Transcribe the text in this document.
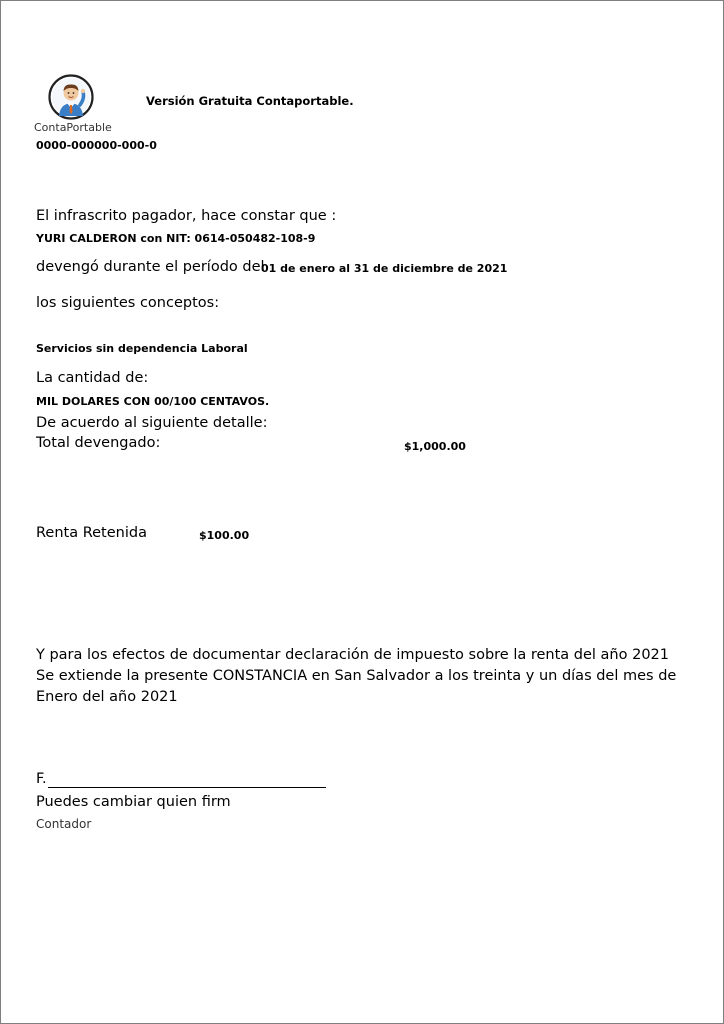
ContaPortable
Versión Gratuita Contaportable.
0000-000000-000-0
El infrascrito pagador, hace constar que :
YURI CALDERON con NIT: 0614-050482-108-9
devengó durante el período del
01 de enero al 31 de diciembre de 2021
los siguientes conceptos:
Servicios sin dependencia Laboral
La cantidad de:
MIL DOLARES CON 00/100 CENTAVOS.
De acuerdo al siguiente detalle:
Total devengado:	$1,000.00
Renta Retenida	$100.00
Y para los efectos de documentar declaración de impuesto sobre la renta del año 2021 Se extiende la presente CONSTANCIA en San Salvador a los treinta y un días del mes de Enero del año 2021
F.
Puedes cambiar quien firm
Contador
